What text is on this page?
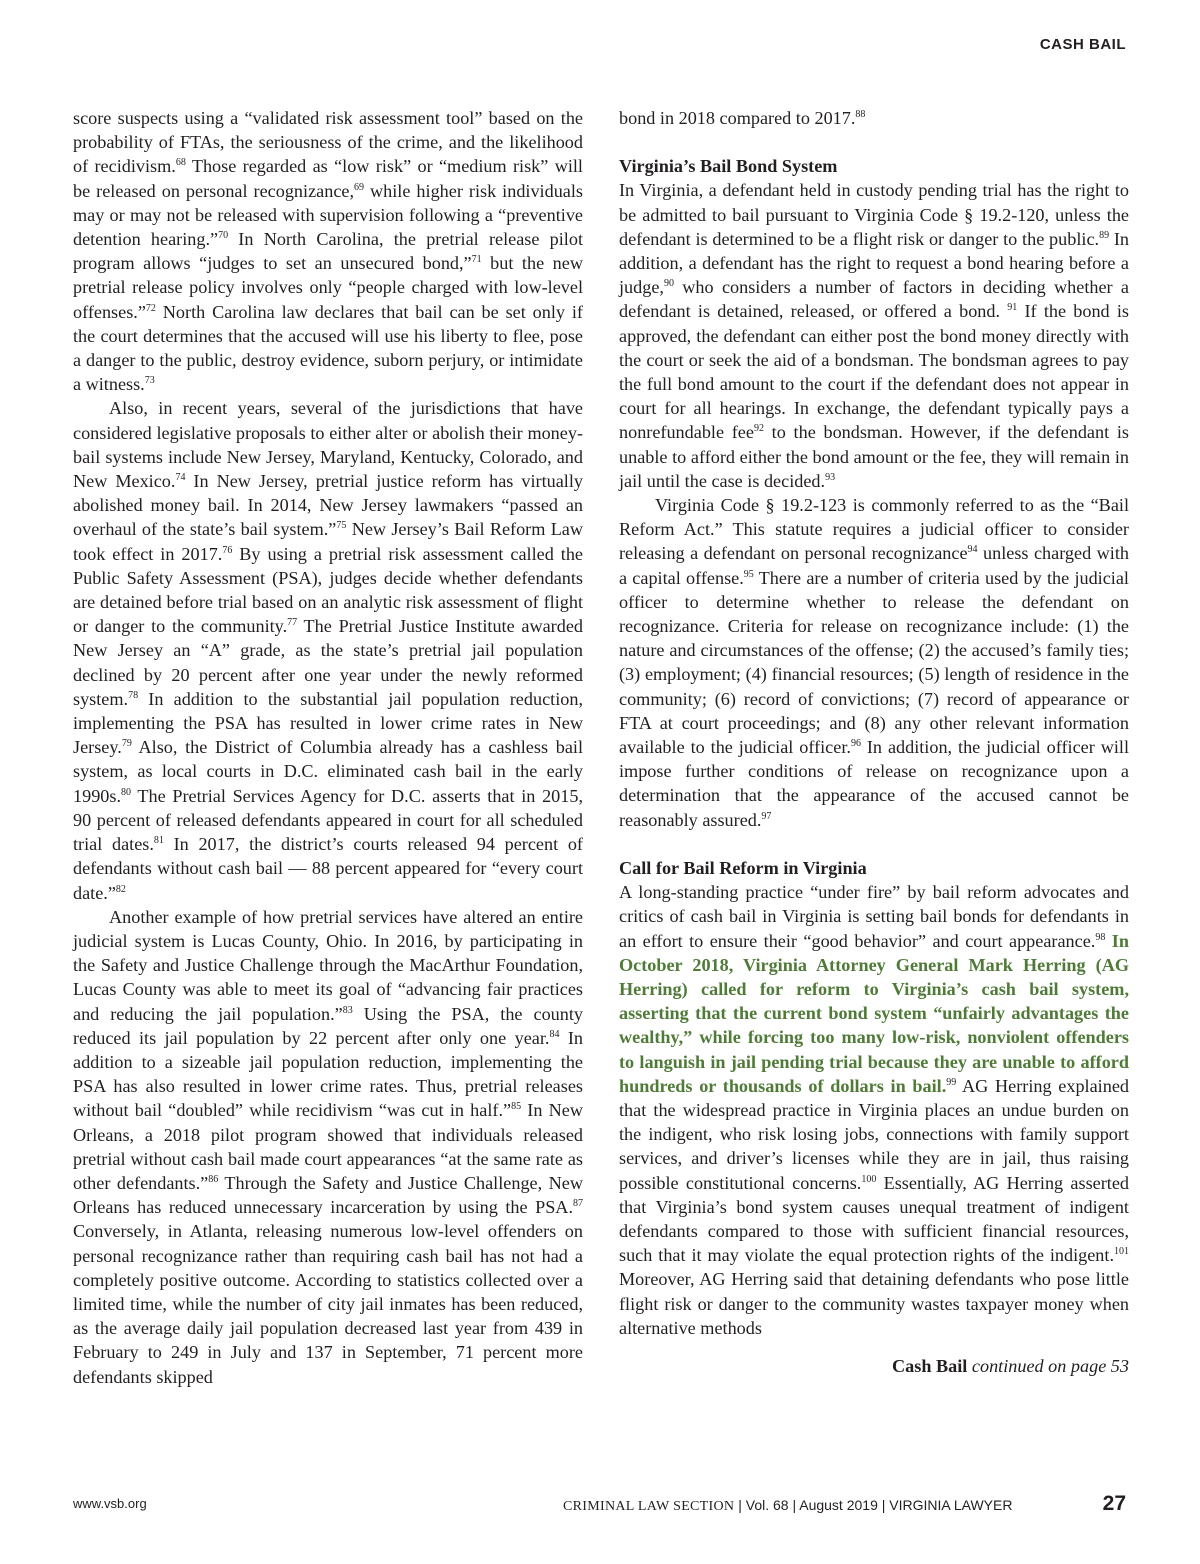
CASH BAIL

score suspects using a “validated risk assessment tool” based on the probability of FTAs, the seriousness of the crime, and the likelihood of recidivism.$^{68}$ Those regarded as “low risk” or “medium risk” will be released on personal recognizance,$^{69}$ while higher risk individuals may or may not be released with supervision following a “preventive detention hearing.”$^{70}$ In North Carolina, the pretrial release pilot program allows “judges to set an unsecured bond,”$^{71}$ but the new pretrial release policy involves only “people charged with low-level offenses.”$^{72}$ North Carolina law declares that bail can be set only if the court determines that the accused will use his liberty to flee, pose a danger to the public, destroy evidence, suborn perjury, or intimidate a witness.$^{73}$

Also, in recent years, several of the jurisdictions that have considered legislative proposals to either alter or abolish their money-bail systems include New Jersey, Maryland, Kentucky, Colorado, and New Mexico.$^{74}$ In New Jersey, pretrial justice reform has virtually abolished money bail. In 2014, New Jersey lawmakers “passed an overhaul of the state’s bail system.”$^{75}$ New Jersey’s Bail Reform Law took effect in 2017.76 By using a pretrial risk assessment called the Public Safety Assessment (PSA), judges decide whether defendants are detained before trial based on an analytic risk assessment of flight or danger to the community.$^{77}$ The Pretrial Justice Institute awarded New Jersey an “A” grade, as the state’s pretrial jail population declined by 20 percent after one year under the newly reformed system.$^{78}$ In addition to the substantial jail population reduction, implementing the PSA has resulted in lower crime rates in New Jersey.$^{79}$ Also, the District of Columbia already has a cashless bail system, as local courts in D.C. eliminated cash bail in the early 1990s.$^{80}$ The Pretrial Services Agency for D.C. asserts that in 2015, 90 percent of released defendants appeared in court for all scheduled trial dates.$^{81}$ In 2017, the district’s courts released 94 percent of defendants without cash bail — 88 percent appeared for “every court date.”$^{82}$

Another example of how pretrial services have altered an entire judicial system is Lucas County, Ohio. In 2016, by participating in the Safety and Justice Challenge through the MacArthur Foundation, Lucas County was able to meet its goal of “advancing fair practices and reducing the jail population.”$^{83}$ Using the PSA, the county reduced its jail population by 22 percent after only one year.$^{84}$ In addition to a sizeable jail population reduction, implementing the PSA has also resulted in lower crime rates. Thus, pretrial releases without bail “doubled” while recidivism “was cut in half.”$^{85}$ In New Orleans, a 2018 pilot program showed that individuals released pretrial without cash bail made court appearances “at the same rate as other defendants.”$^{86}$ Through the Safety and Justice Challenge, New Orleans has reduced unnecessary incarceration by using the PSA.$^{87}$ Conversely, in Atlanta, releasing numerous low-level offenders on personal recognizance rather than requiring cash bail has not had a completely positive outcome. According to statistics collected over a limited time, while the number of city jail inmates has been reduced, as the average daily jail population decreased last year from 439 in February to 249 in July and 137 in September, 71 percent more defendants skipped

bond in 2018 compared to 2017.88

Virginia’s Bail Bond System

In Virginia, a defendant held in custody pending trial has the right to be admitted to bail pursuant to Virginia Code § 19.2-120, unless the defendant is determined to be a flight risk or danger to the public.$^{89}$ In addition, a defendant has the right to request a bond hearing before a judge,$^{90}$ who considers a number of factors in deciding whether a defendant is detained, released, or offered a bond. $^{91}$ If the bond is approved, the defendant can either post the bond money directly with the court or seek the aid of a bondsman. The bondsman agrees to pay the full bond amount to the court if the defendant does not appear in court for all hearings. In exchange, the defendant typically pays a nonrefundable fee$^{92}$ to the bondsman. However, if the defendant is unable to afford either the bond amount or the fee, they will remain in jail until the case is decided.$^{93}$

Virginia Code § 19.2-123 is commonly referred to as the “Bail Reform Act.” This statute requires a judicial officer to consider releasing a defendant on personal recognizance$^{94}$ unless charged with a capital offense.$^{95}$ There are a number of criteria used by the judicial officer to determine whether to release the defendant on recognizance. Criteria for release on recognizance include: (1) the nature and circumstances of the offense; (2) the accused’s family ties; (3) employment; (4) financial resources; (5) length of residence in the community; (6) record of convictions; (7) record of appearance or FTA at court proceedings; and (8) any other relevant information available to the judicial officer.$^{96}$ In addition, the judicial officer will impose further conditions of release on recognizance upon a determination that the appearance of the accused cannot be reasonably assured.$^{97}$

Call for Bail Reform in Virginia

A long-standing practice “under fire” by bail reform advocates and critics of cash bail in Virginia is setting bail bonds for defendants in an effort to ensure their “good behavior” and court appearance.$^{98}$ In October 2018, Virginia Attorney General Mark Herring (AG Herring) called for reform to Virginia’s cash bail system, asserting that the current bond system “unfairly advantages the wealthy,” while forcing too many low-risk, nonviolent offenders to languish in jail pending trial because they are unable to afford hundreds or thousands of dollars in bail.$^{99}$ AG Herring explained that the widespread practice in Virginia places an undue burden on the indigent, who risk losing jobs, connections with family support services, and driver’s licenses while they are in jail, thus raising possible constitutional concerns.$^{100}$ Essentially, AG Herring asserted that Virginia’s bond system causes unequal treatment of indigent defendants compared to those with sufficient financial resources, such that it may violate the equal protection rights of the indigent.$^{101}$ Moreover, AG Herring said that detaining defendants who pose little flight risk or danger to the community wastes taxpayer money when alternative methods

Cash Bail continued on page 53
www.vsb.org	CRIMINAL LAW SECTION | Vol. 68 | August 2019 | VIRGINIA LAWYER	27
